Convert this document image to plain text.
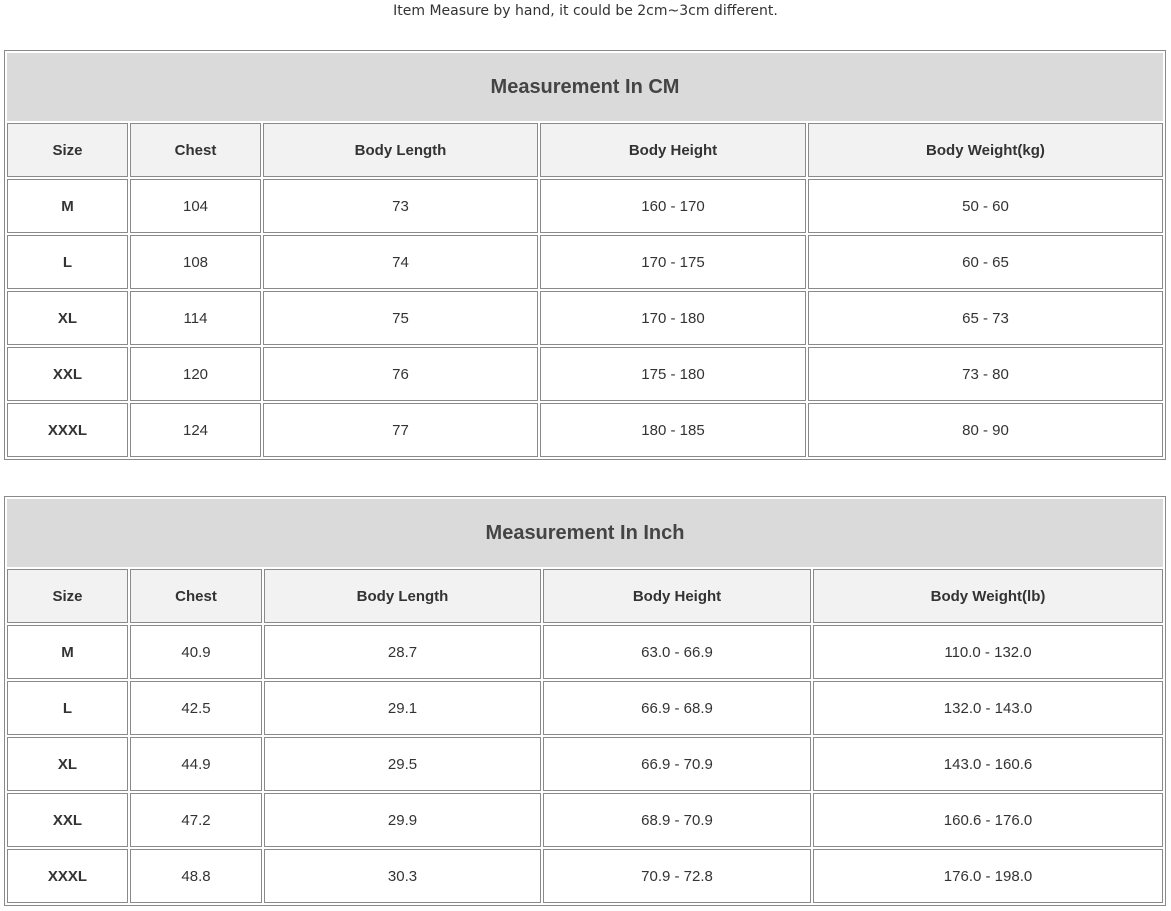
Item Measure by hand, it could be 2cm~3cm different.
Measurement In CM				
Size	Chest	Body Length	Body Height	Body Weight(kg)
M	104	73	160 - 170	50 - 60
L	108	74	170 - 175	60 - 65
XL	114	75	170 - 180	65 - 73
XXL	120	76	175 - 180	73 - 80
XXXL	124	77	180 - 185	80 - 90
Measurement In Inch				
Size	Chest	Body Length	Body Height	Body Weight(lb)
M	40.9	28.7	63.0 - 66.9	110.0 - 132.0
L	42.5	29.1	66.9 - 68.9	132.0 - 143.0
XL	44.9	29.5	66.9 - 70.9	143.0 - 160.6
XXL	47.2	29.9	68.9 - 70.9	160.6 - 176.0
XXXL	48.8	30.3	70.9 - 72.8	176.0 - 198.0
